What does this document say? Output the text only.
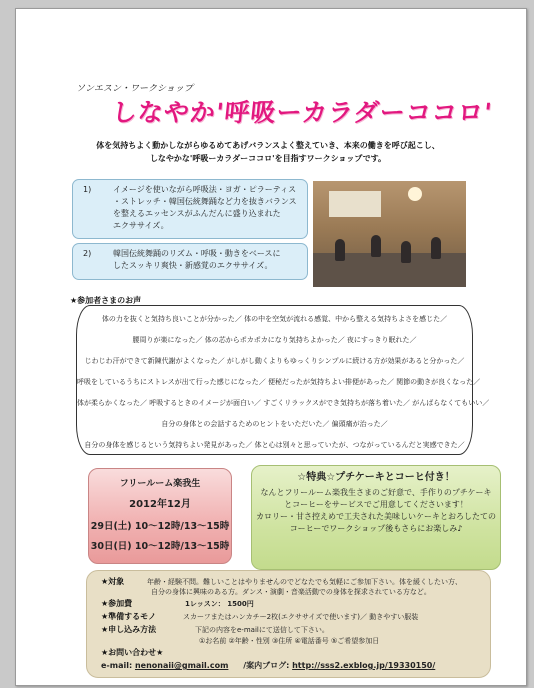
ソンエスン・ワークショップ
しなやか'呼吸ーカラダーココロ'
体を気持ちよく動かしながらゆるめてあげバランスよく整えていき、本来の働きを呼び起こし、
しなやかな'呼吸ーカラダーココロ'を目指すワークショップです。
1)	イメージを使いながら呼吸法・ヨガ・ピラーティス
・ストレッチ・韓国伝統舞踊など力を抜きバランス
を整えるエッセンスがふんだんに盛り込まれた
エクササイズ。
2)	韓国伝統舞踊のリズム・呼吸・動きをベースに
したスッキリ爽快・新感覚のエクササイズ。
★参加者さまのお声
体の力を抜くと気持ち良いことが分かった／ 体の中を空気が流れる感覚、中から整える気持ちよさを感じた／
腰周りが楽になった／ 体の芯からポカポカになり気持ちよかった／ 夜にすっきり眠れた／
じわじわ汗ができて新陳代謝がよくなった／ がしがし動くよりもゆっくりシンプルに続ける方が効果があると分かった／
呼吸をしているうちにストレスが出て行った感じになった／ 便秘だったが気持ちよい排便があった／ 関節の動きが良くなった／
体が柔らかくなった／ 呼吸するときのイメージが面白い／ すごくリラックスができ気持ちが落ち着いた／ がんばらなくてもいい／
自分の身体との会話するためのヒントをいただいた／ 偏頭痛が治った／
自分の身体を感じるという気持ちよい発見があった／ 体と心は別々と思っていたが、つながっているんだと実感できた／
フリールーム楽我生
2012年12月
29日(土) 10～12時/13～15時
30日(日) 10～12時/13～15時
☆特典☆プチケーキとコーヒ付き！
なんとフリールーム楽我生さまのご好意で、手作りのプチケーキ
とコーヒーをサービスでご用意してくださいます！
カロリー・甘さ控えめで工夫された美味しいケーキとおろしたての
コーヒーでワークショップ後もさらにお楽しみ♪
★対象	年齢・経験不問。難しいことはやりませんのでどなたでも気軽にご参加下さい。体を緩くしたい方、
自分の身体に興味のある方。ダンス・演劇・音楽活動での身体を探求されている方など。
★参加費	1レッスン： 1500円
★準備するモノ	スカーフまたはハンカチー2枚(エクササイズで使います)／ 動きやすい服装
★申し込み方法	下記の内容をe-mailにて送信して下さい。
①お名前 ②年齢・性別 ③住所 ④電話番号 ⑤ご希望参加日
★お問い合わせ★
e-mail: nenonaii@gmail.com /案内ブログ: http://sss2.exblog.jp/19330150/
